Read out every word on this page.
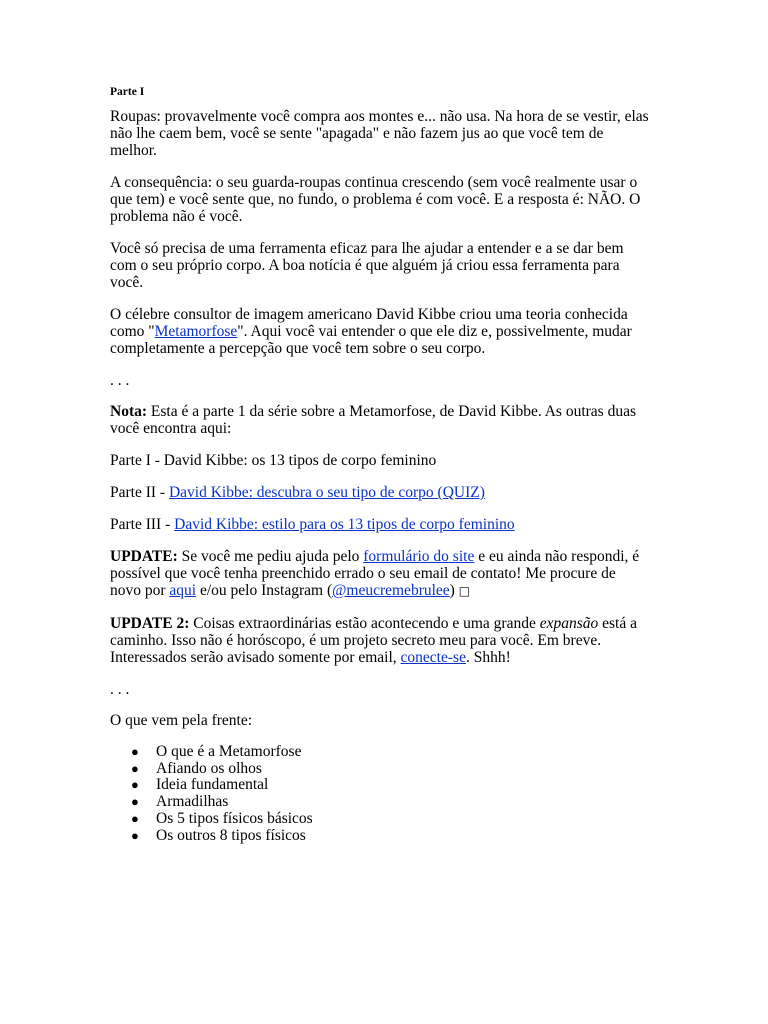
Parte I

Roupas: provavelmente você compra aos montes e... não usa. Na hora de se vestir, elas não lhe caem bem, você se sente "apagada" e não fazem jus ao que você tem de melhor.

A consequência: o seu guarda-roupas continua crescendo (sem você realmente usar o que tem) e você sente que, no fundo, o problema é com você. E a resposta é: NÃO. O problema não é você.

Você só precisa de uma ferramenta eficaz para lhe ajudar a entender e a se dar bem com o seu próprio corpo. A boa notícia é que alguém já criou essa ferramenta para você.

O célebre consultor de imagem americano David Kibbe criou uma teoria conhecida como "Metamorfose". Aqui você vai entender o que ele diz e, possivelmente, mudar completamente a percepção que você tem sobre o seu corpo.

. . .

Nota: Esta é a parte 1 da série sobre a Metamorfose, de David Kibbe. As outras duas você encontra aqui:

Parte I - David Kibbe: os 13 tipos de corpo feminino

Parte II - David Kibbe: descubra o seu tipo de corpo (QUIZ)

Parte III - David Kibbe: estilo para os 13 tipos de corpo feminino

UPDATE: Se você me pediu ajuda pelo formulário do site e eu ainda não respondi, é possível que você tenha preenchido errado o seu email de contato! Me procure de novo por aqui e/ou pelo Instagram (@meucremebrulee) □

UPDATE 2: Coisas extraordinárias estão acontecendo e uma grande expansão está a caminho. Isso não é horóscopo, é um projeto secreto meu para você. Em breve. Interessados serão avisado somente por email, conecte-se. Shhh!

. . .

O que vem pela frente:

● O que é a Metamorfose
● Afiando os olhos
● Ideia fundamental
● Armadilhas
● Os 5 tipos físicos básicos
● Os outros 8 tipos físicos
